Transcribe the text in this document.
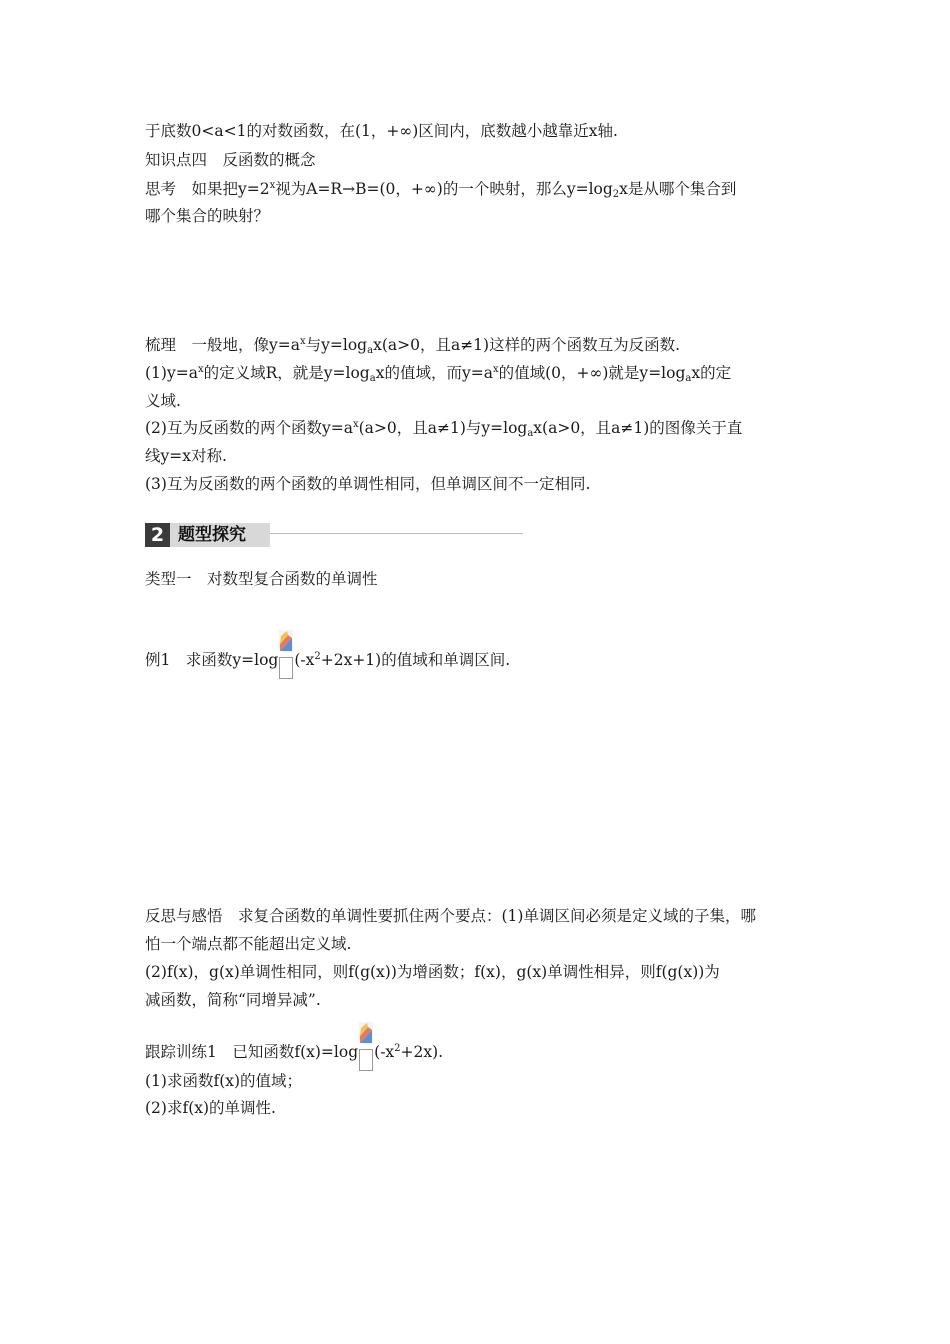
于底数0<a<1的对数函数，在(1，+∞)区间内，底数越小越靠近x轴.
知识点四　反函数的概念
思考　如果把$y=2^x$视为A=R→B=(0，+∞)的一个映射，那么y=log2x是从哪个集合到
哪个集合的映射？
梳理　一般地，像$y=a^x$与y=logax(a>0，且a≠1)这样的两个函数互为反函数.
$(1)y=a^x$的定义域R，就是y=logax的值域，而$y=a^x$的值域(0，+∞)就是y=logax的定
义域.
(2)互为反函数的两个函数$y=a^x(a>0$，且a≠1)与y=logax(a>0，且a≠1)的图像关于直
线y=x对称.
(3)互为反函数的两个函数的单调性相同，但单调区间不一定相同.
2 题型探究
类型一　对数型复合函数的单调性
例1　求函数y=log $(-x^2+2x+1)$的值域和单调区间.
反思与感悟　求复合函数的单调性要抓住两个要点：(1)单调区间必须是定义域的子集，哪
怕一个端点都不能超出定义域.
(2)f(x)，g(x)单调性相同，则f(g(x))为增函数；f(x)，g(x)单调性相异，则f(g(x))为
减函数，简称“同增异减”.
跟踪训练1　已知函数f(x)=log $(-x^2+2x)$.
(1)求函数f(x)的值域；
(2)求f(x)的单调性.
